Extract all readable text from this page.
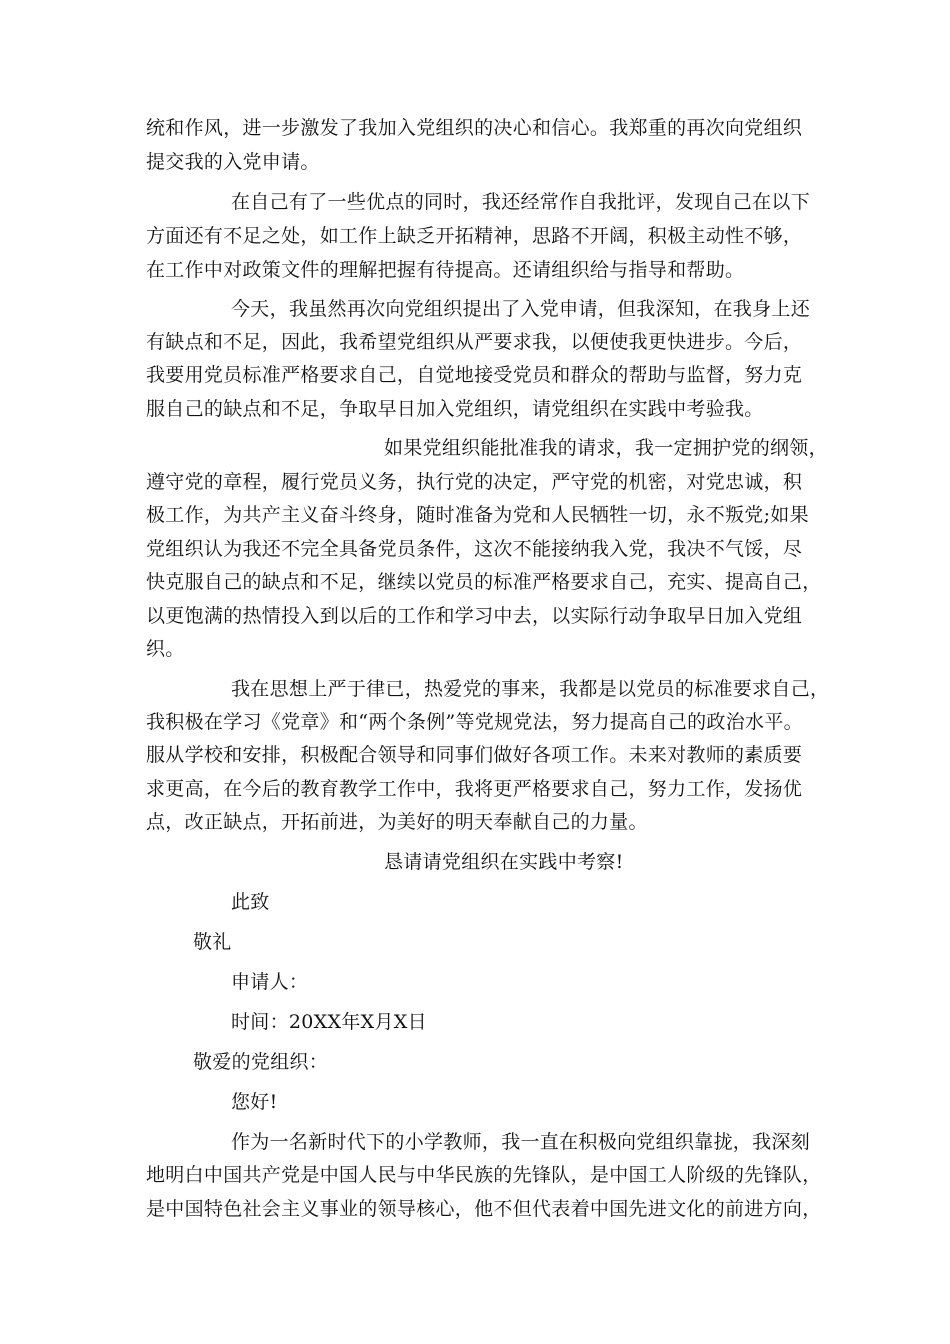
统和作风，进一步激发了我加入党组织的决心和信心。我郑重的再次向党组织
提交我的入党申请。
在自己有了一些优点的同时，我还经常作自我批评，发现自己在以下
方面还有不足之处，如工作上缺乏开拓精神，思路不开阔，积极主动性不够，
在工作中对政策文件的理解把握有待提高。还请组织给与指导和帮助。
今天，我虽然再次向党组织提出了入党申请，但我深知，在我身上还
有缺点和不足，因此，我希望党组织从严要求我，以便使我更快进步。今后，
我要用党员标准严格要求自己，自觉地接受党员和群众的帮助与监督，努力克
服自己的缺点和不足，争取早日加入党组织，请党组织在实践中考验我。
如果党组织能批准我的请求，我一定拥护党的纲领，
遵守党的章程，履行党员义务，执行党的决定，严守党的机密，对党忠诚，积
极工作，为共产主义奋斗终身，随时准备为党和人民牺牲一切，永不叛党;如果
党组织认为我还不完全具备党员条件，这次不能接纳我入党，我决不气馁，尽
快克服自己的缺点和不足，继续以党员的标准严格要求自己，充实、提高自己，
以更饱满的热情投入到以后的工作和学习中去，以实际行动争取早日加入党组
织。
我在思想上严于律已，热爱党的事来，我都是以党员的标准要求自己，
我积极在学习《党章》和“两个条例”等党规党法，努力提高自己的政治水平。
服从学校和安排，积极配合领导和同事们做好各项工作。未来对教师的素质要
求更高，在今后的教育教学工作中，我将更严格要求自己，努力工作，发扬优
点，改正缺点，开拓前进，为美好的明天奉献自己的力量。
恳请请党组织在实践中考察!
此致
敬礼
申请人：
时间：20XX年X月X日
敬爱的党组织：
您好!
作为一名新时代下的小学教师，我一直在积极向党组织靠拢，我深刻
地明白中国共产党是中国人民与中华民族的先锋队，是中国工人阶级的先锋队，
是中国特色社会主义事业的领导核心，他不但代表着中国先进文化的前进方向，
